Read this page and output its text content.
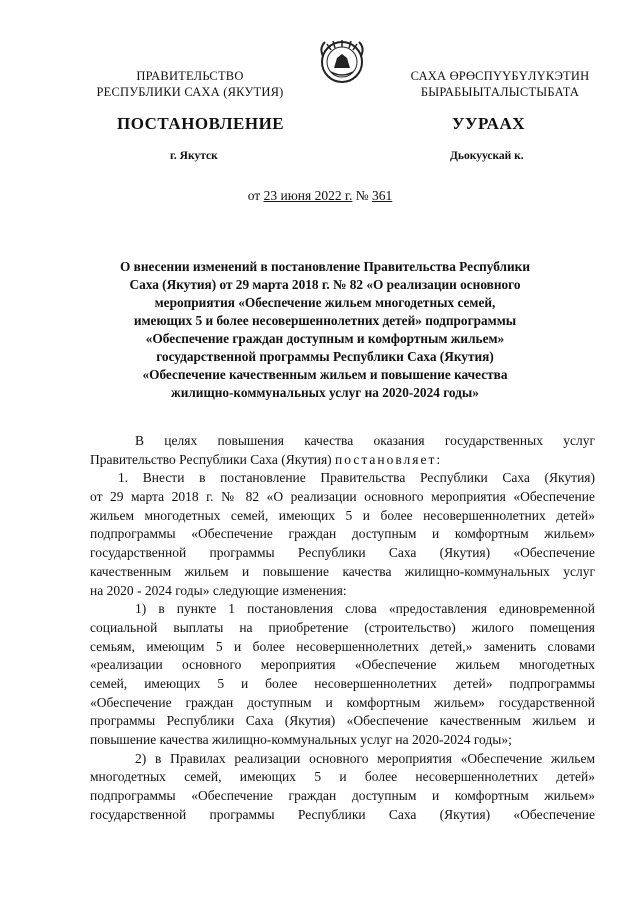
ПРАВИТЕЛЬСТВО
РЕСПУБЛИКИ САХА (ЯКУТИЯ)
САХА ӨРӨСПҮҮБҮЛҮКЭТИН
БЫРАБЫЫТАЛЫСТЫБАТА
ПОСТАНОВЛЕНИЕ	УУРААХ
г. Якутск	Дьокуускай к.
от 23 июня 2022 г. № 361
О внесении изменений в постановление Правительства Республики
Саха (Якутия) от 29 марта 2018 г. № 82 «О реализации основного
мероприятия «Обеспечение жильем многодетных семей,
имеющих 5 и более несовершеннолетних детей» подпрограммы
«Обеспечение граждан доступным и комфортным жильем»
государственной программы Республики Саха (Якутия)
«Обеспечение качественным жильем и повышение качества
жилищно-коммунальных услуг на 2020-2024 годы»
В целях повышения качества оказания государственных услуг
Правительство Республики Саха (Якутия) постановляет:
1. Внести в постановление Правительства Республики Саха (Якутия)
от 29 марта 2018 г. № 82 «О реализации основного мероприятия «Обеспечение
жильем многодетных семей, имеющих 5 и более несовершеннолетних детей»
подпрограммы «Обеспечение граждан доступным и комфортным жильем»
государственной программы Республики Саха (Якутия) «Обеспечение
качественным жильем и повышение качества жилищно-коммунальных услуг
на 2020 - 2024 годы» следующие изменения:
1) в пункте 1 постановления слова «предоставления единовременной
социальной выплаты на приобретение (строительство) жилого помещения
семьям, имеющим 5 и более несовершеннолетних детей,» заменить словами
«реализации основного мероприятия «Обеспечение жильем многодетных
семей, имеющих 5 и более несовершеннолетних детей» подпрограммы
«Обеспечение граждан доступным и комфортным жильем» государственной
программы Республики Саха (Якутия) «Обеспечение качественным жильем и
повышение качества жилищно-коммунальных услуг на 2020-2024 годы»;
2) в Правилах реализации основного мероприятия «Обеспечение жильем
многодетных семей, имеющих 5 и более несовершеннолетних детей»
подпрограммы «Обеспечение граждан доступным и комфортным жильем»
государственной программы Республики Саха (Якутия) «Обеспечение
